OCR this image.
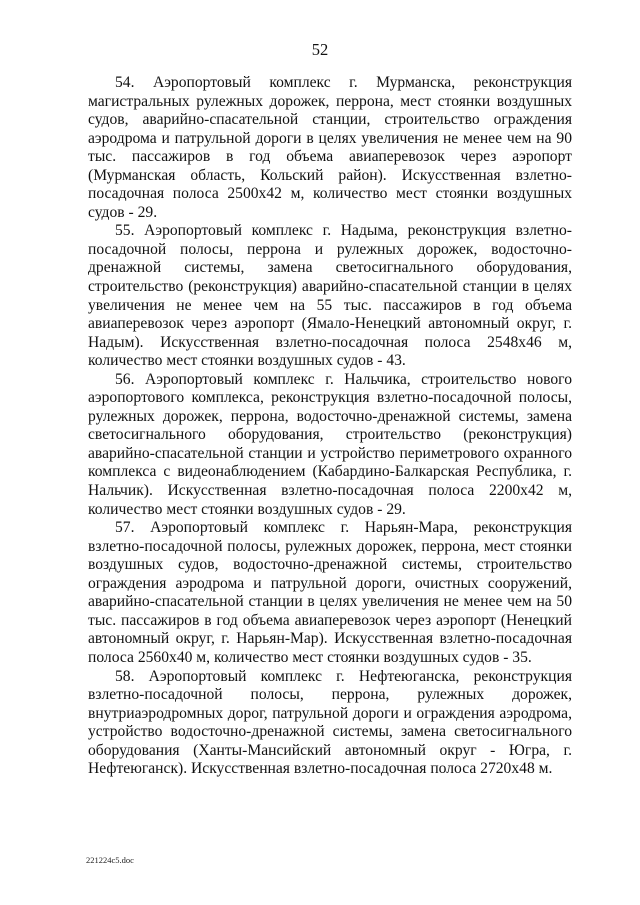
52

54. Аэропортовый комплекс г. Мурманска, реконструкция магистральных рулежных дорожек, перрона, мест стоянки воздушных судов, аварийно-спасательной станции, строительство ограждения аэродрома и патрульной дороги в целях увеличения не менее чем на 90 тыс. пассажиров в год объема авиаперевозок через аэропорт (Мурманская область, Кольский район). Искусственная взлетно-посадочная полоса 2500х42 м, количество мест стоянки воздушных судов - 29.

55. Аэропортовый комплекс г. Надыма, реконструкция взлетно-посадочной полосы, перрона и рулежных дорожек, водосточно-дренажной системы, замена светосигнального оборудования, строительство (реконструкция) аварийно-спасательной станции в целях увеличения не менее чем на 55 тыс. пассажиров в год объема авиаперевозок через аэропорт (Ямало-Ненецкий автономный округ, г. Надым). Искусственная взлетно-посадочная полоса 2548х46 м, количество мест стоянки воздушных судов - 43.

56. Аэропортовый комплекс г. Нальчика, строительство нового аэропортового комплекса, реконструкция взлетно-посадочной полосы, рулежных дорожек, перрона, водосточно-дренажной системы, замена светосигнального оборудования, строительство (реконструкция) аварийно-спасательной станции и устройство периметрового охранного комплекса с видеонаблюдением (Кабардино-Балкарская Республика, г. Нальчик). Искусственная взлетно-посадочная полоса 2200х42 м, количество мест стоянки воздушных судов - 29.

57. Аэропортовый комплекс г. Нарьян-Мара, реконструкция взлетно-посадочной полосы, рулежных дорожек, перрона, мест стоянки воздушных судов, водосточно-дренажной системы, строительство ограждения аэродрома и патрульной дороги, очистных сооружений, аварийно-спасательной станции в целях увеличения не менее чем на 50 тыс. пассажиров в год объема авиаперевозок через аэропорт (Ненецкий автономный округ, г. Нарьян-Мар). Искусственная взлетно-посадочная полоса 2560х40 м, количество мест стоянки воздушных судов - 35.

58. Аэропортовый комплекс г. Нефтеюганска, реконструкция взлетно-посадочной полосы, перрона, рулежных дорожек, внутриаэродромных дорог, патрульной дороги и ограждения аэродрома, устройство водосточно-дренажной системы, замена светосигнального оборудования (Ханты-Мансийский автономный округ - Югра, г. Нефтеюганск). Искусственная взлетно-посадочная полоса 2720х48 м.

221224c5.doc
